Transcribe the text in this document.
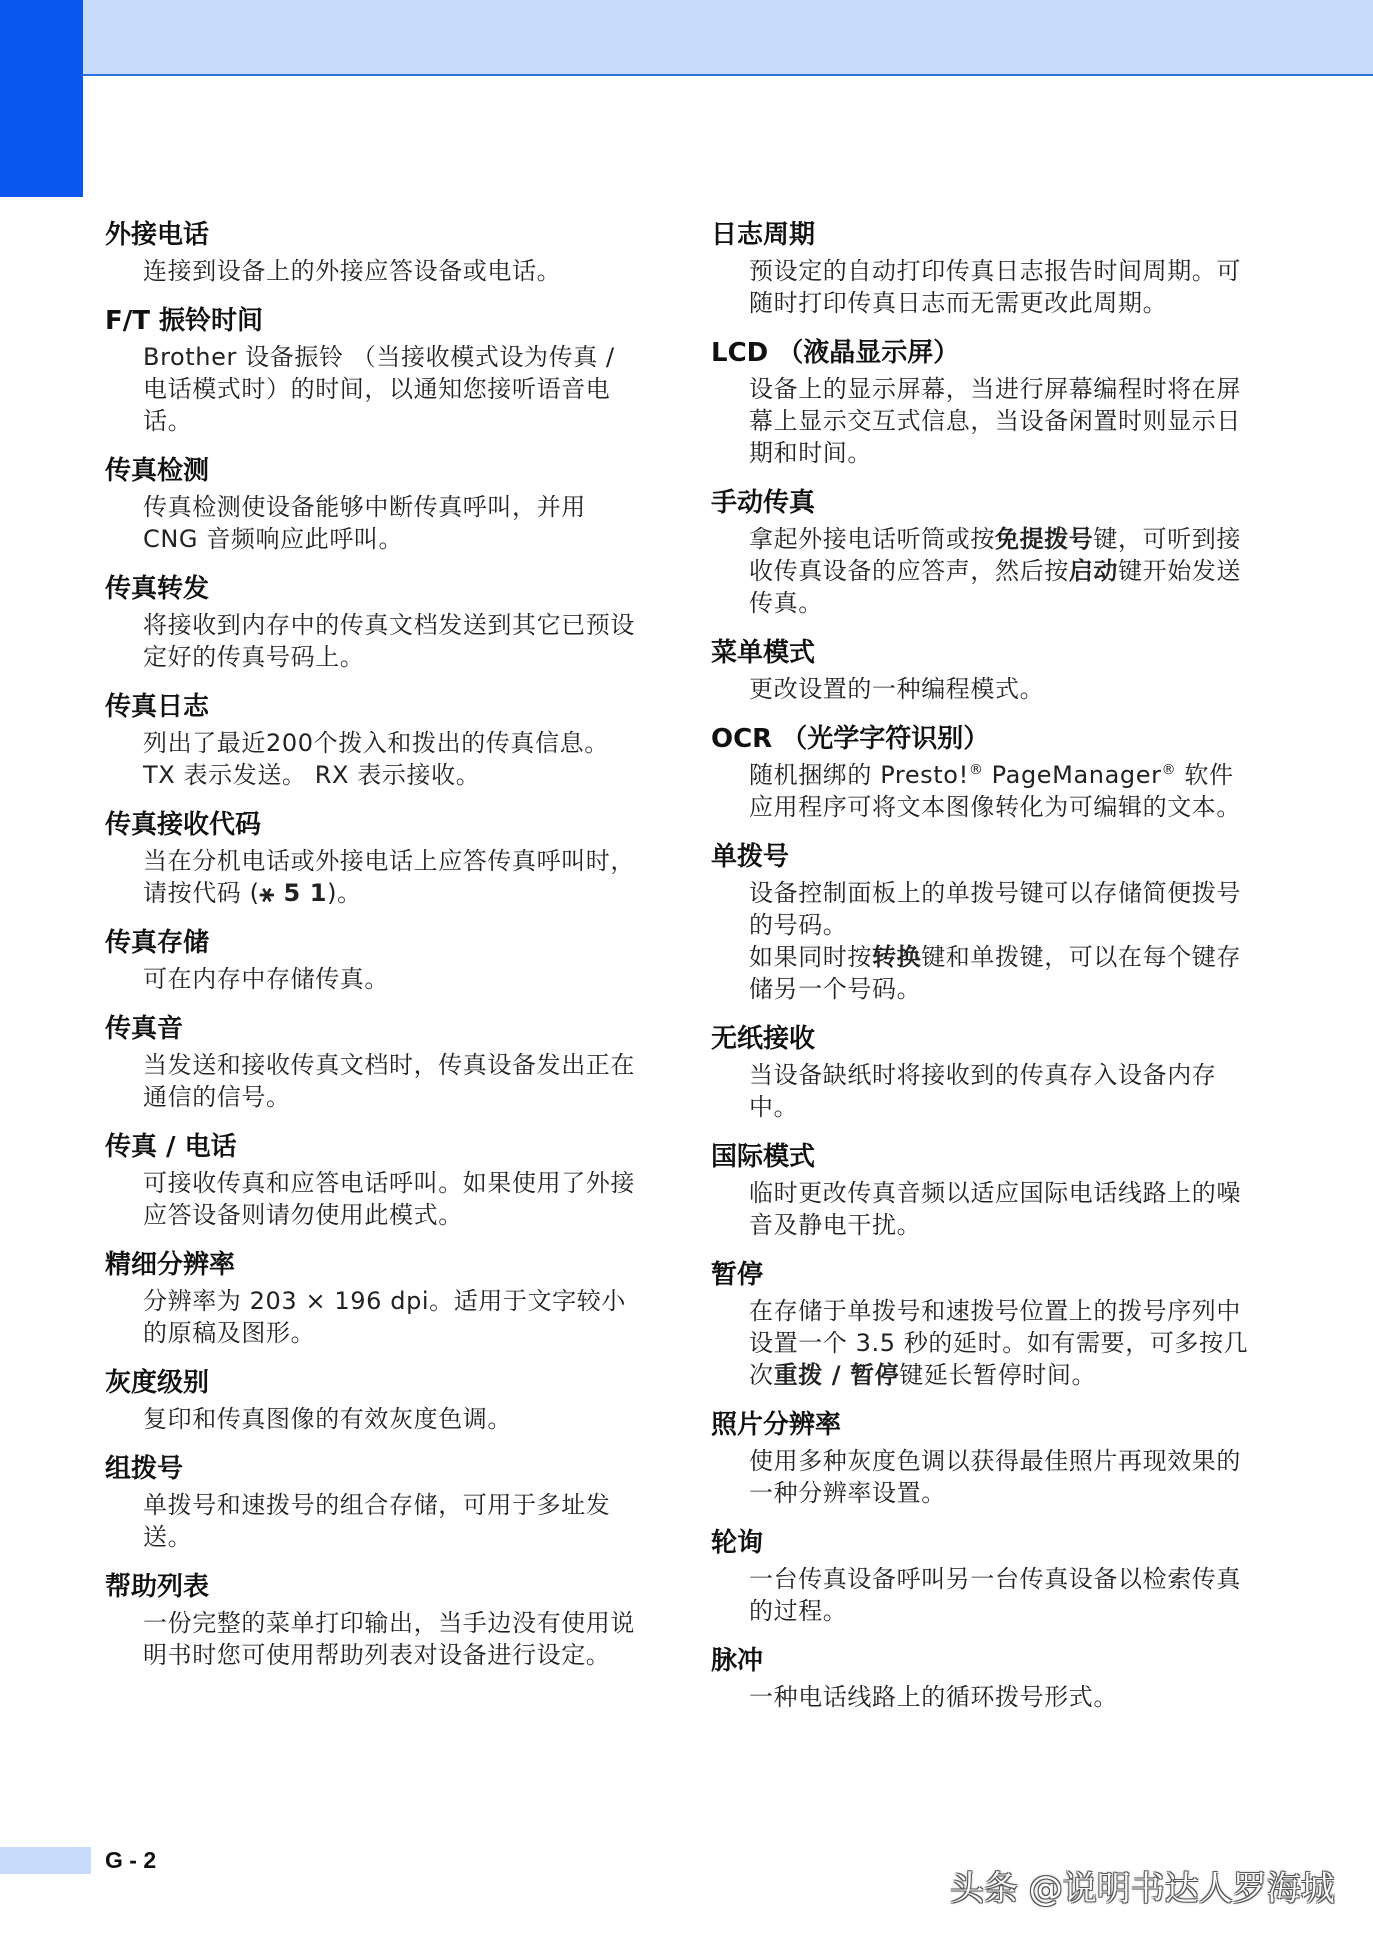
外接电话
连接到设备上的外接应答设备或电话。
F/T 振铃时间
Brother 设备振铃 （当接收模式设为传真 / 电话模式时）的时间，以通知您接听语音电话。
传真检测
传真检测使设备能够中断传真呼叫，并用 CNG 音频响应此呼叫。
传真转发
将接收到内存中的传真文档发送到其它已预设定好的传真号码上。
传真日志
列出了最近200个拨入和拨出的传真信息。
TX 表示发送。 RX 表示接收。
传真接收代码
当在分机电话或外接电话上应答传真呼叫时，请按代码 (⚹ 5 1)。
传真存储
可在内存中存储传真。
传真音
当发送和接收传真文档时，传真设备发出正在通信的信号。
传真 / 电话
可接收传真和应答电话呼叫。如果使用了外接应答设备则请勿使用此模式。
精细分辨率
分辨率为 203 × 196 dpi。适用于文字较小的原稿及图形。
灰度级别
复印和传真图像的有效灰度色调。
组拨号
单拨号和速拨号的组合存储，可用于多址发送。
帮助列表
一份完整的菜单打印输出，当手边没有使用说明书时您可使用帮助列表对设备进行设定。
日志周期
预设定的自动打印传真日志报告时间周期。可随时打印传真日志而无需更改此周期。
LCD （液晶显示屏）
设备上的显示屏幕，当进行屏幕编程时将在屏幕上显示交互式信息，当设备闲置时则显示日期和时间。
手动传真
拿起外接电话听筒或按免提拨号键，可听到接收传真设备的应答声，然后按启动键开始发送传真。
菜单模式
更改设置的一种编程模式。
OCR （光学字符识别）
随机捆绑的 Presto!® PageManager® 软件应用程序可将文本图像转化为可编辑的文本。
单拨号
设备控制面板上的单拨号键可以存储简便拨号的号码。
如果同时按转换键和单拨键，可以在每个键存储另一个号码。
无纸接收
当设备缺纸时将接收到的传真存入设备内存中。
国际模式
临时更改传真音频以适应国际电话线路上的噪音及静电干扰。
暂停
在存储于单拨号和速拨号位置上的拨号序列中设置一个 3.5 秒的延时。如有需要，可多按几次重拨 / 暂停键延长暂停时间。
照片分辨率
使用多种灰度色调以获得最佳照片再现效果的一种分辨率设置。
轮询
一台传真设备呼叫另一台传真设备以检索传真的过程。
脉冲
一种电话线路上的循环拨号形式。
G - 2
头条 @说明书达人罗海城
